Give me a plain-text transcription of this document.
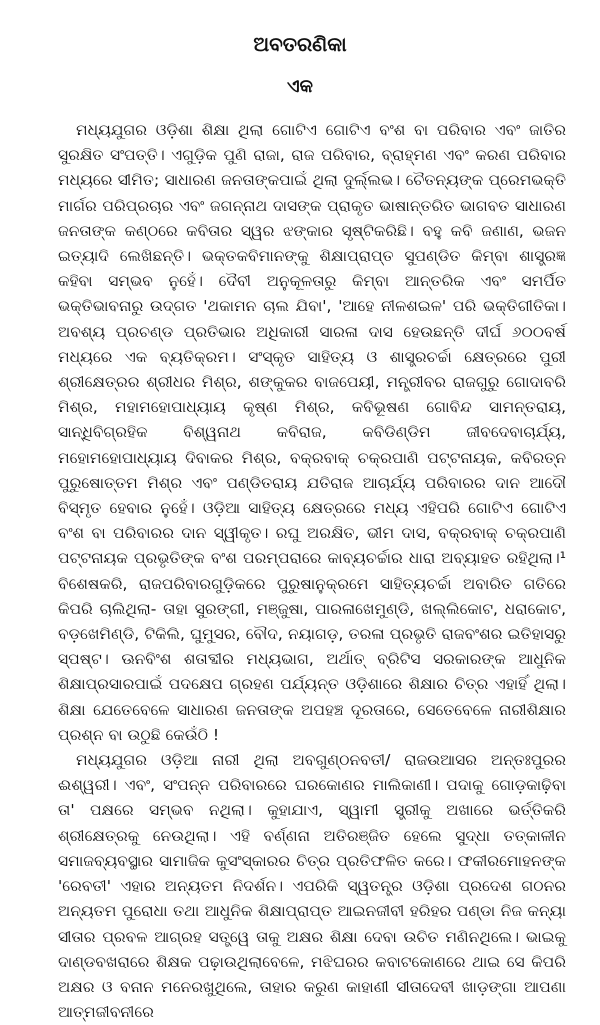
ଅବତରଣିକା
ଏକ

ମଧ୍ୟଯୁଗର ଓଡ଼ିଶା ଶିକ୍ଷା ଥିଲା ଗୋଟିଏ ଗୋଟିଏ ବଂଶ ବା ପରିବାର ଏବଂ ଜାତିର ସୁରକ୍ଷିତ ସଂପତ୍ତି। ଏଗୁଡ଼ିକ ପୁଣି ରାଜା, ରାଜ ପରିବାର, ବ୍ରାହ୍ମଣ ଏବଂ କରଣ ପରିବାର ମଧ୍ୟରେ ସୀମିତ; ସାଧାରଣ ଜନତାଙ୍କପାଇଁ ଥିଲା ଦୁର୍ଲ୍ଲଭ। ଚୈତନ୍ୟଙ୍କ ପ୍ରେମଭକ୍ତି ମାର୍ଗର ପରିପ୍ରଚାର ଏବଂ ଜଗନ୍ନାଥ ଦାସଙ୍କ ପ୍ରାକୃତ ଭାଷାନ୍ତରିତ ଭାଗବତ ସାଧାରଣ ଜନତାଙ୍କ କଣ୍ଠରେ କବିତାର ସ୍ୱର ଝଙ୍କାର ସୃଷ୍ଟିକରିଛି। ବହୁ କବି ଜଣାଣ, ଭଜନ ଇତ୍ୟାଦି ଲେଖିଛନ୍ତି। ଭକ୍ତକବିମାନଙ୍କୁ ଶିକ୍ଷାପ୍ରାପ୍ତ ସୁପଣ୍ଡିତ କିମ୍ବା ଶାସ୍ତ୍ରଜ୍ଞ କହିବା ସମ୍ଭବ ନୁହେଁ। ଦୈବୀ ଅନୁକୂଳତାରୁ କିମ୍ବା ଆନ୍ତରିକ ଏବଂ ସମର୍ପିତ ଭକ୍ତିଭାବନାରୁ ଉଦ୍ଗତ 'ଥକାମନ ଚାଲ ଯିବା', 'ଆହେ ନୀଳଶଇଳ' ପରି ଭକ୍ତିଗୀତିକା। ଅବଶ୍ୟ ପ୍ରଚଣ୍ଡ ପ୍ରତିଭାର ଅଧିକାରୀ ସାରଳା ଦାସ ହେଉଛନ୍ତି ଦୀର୍ଘ ୬୦୦ବର୍ଷ ମଧ୍ୟରେ ଏକ ବ୍ୟତିକ୍ରମ। ସଂସ୍କୃତ ସାହିତ୍ୟ ଓ ଶାସ୍ତ୍ରଚର୍ଚ୍ଚା କ୍ଷେତ୍ରରେ ପୁରୀ ଶ୍ରୀକ୍ଷେତ୍ରର ଶ୍ରୀଧର ମିଶ୍ର, ଶଙ୍କୁକର ବାଜପେୟୀ, ମନ୍ତ୍ରୀବର ରାଜଗୁରୁ ଗୋଦାବରି ମିଶ୍ର, ମହାମହୋପାଧ୍ୟାୟ କୃଷ୍ଣ ମିଶ୍ର, କବିଭୂଷଣ ଗୋବିନ୍ଦ ସାମନ୍ତରାୟ, ସାନ୍ଧିବିଗ୍ରହିକ ବିଶ୍ୱନାଥ କବିରାଜ, କବିଡିଣ୍ଡିମ ଜୀବଦେବାଚାର୍ଯ୍ୟ, ମହୋମହୋପାଧ୍ୟାୟ ଦିବାକର ମିଶ୍ର, ବକ୍ରବାକ୍ ଚକ୍ରପାଣି ପଟ୍ଟନାୟକ, କବିରତ୍ନ ପୁରୁଷୋତ୍ତମ ମିଶ୍ର ଏବଂ ପଣ୍ଡିତରାୟ ଯତିରାଜ ଆଚାର୍ଯ୍ୟ ପରିବାରର ଦାନ ଆଦୌ ବିସ୍ମୃତ ହେବାର ନୁହେଁ। ଓଡ଼ିଆ ସାହିତ୍ୟ କ୍ଷେତ୍ରରେ ମଧ୍ୟ ଏହିପରି ଗୋଟିଏ ଗୋଟିଏ ବଂଶ ବା ପରିବାରର ଦାନ ସ୍ୱୀକୃତ। ରଘୁ ଅରକ୍ଷିତ, ଭୀମ ଦାସ, ବକ୍ରବାକ୍ ଚକ୍ରପାଣି ପଟ୍ଟନାୟକ ପ୍ରଭୃତିଙ୍କ ବଂଶ ପରମ୍ପରାରେ କାବ୍ୟଚର୍ଚ୍ଚାର ଧାରା ଅବ୍ୟାହତ ରହିଥିଲା।¹ ବିଶେଷକରି, ରାଜପରିବାରଗୁଡ଼ିକରେ ପୁରୁଷାନୁକ୍ରମେ ସାହିତ୍ୟଚର୍ଚ୍ଚା ଅବାରିତ ଗତିରେ କିପରି ଚାଲିଥିଲା- ତାହା ସୁରଙ୍ଗୀ, ମଞ୍ଜୁଷା, ପାରଳାଖେମୁଣ୍ଡି, ଖଲ୍ଲିକୋଟ, ଧରାକୋଟ, ବଡ଼ଖେମିଣ୍ଡି, ଟିକିଲି, ଘୁମୁସର, ବୌଦ, ନୟାଗଡ଼, ତରଳା ପ୍ରଭୃତି ରାଜବଂଶର ଇତିହାସରୁ ସ୍ପଷ୍ଟ। ଊନବିଂଶ ଶତାବ୍ଦୀର ମଧ୍ୟଭାଗ, ଅର୍ଥାତ୍ ବ୍ରିଟିସ ସରକାରଙ୍କ ଆଧୁନିକ ଶିକ୍ଷାପ୍ରସାରପାଇଁ ପଦକ୍ଷେପ ଗ୍ରହଣ ପର୍ଯ୍ୟନ୍ତ ଓଡ଼ିଶାରେ ଶିକ୍ଷାର ଚିତ୍ର ଏହାହିଁ ଥିଲା। ଶିକ୍ଷା ଯେତେବେଳେ ସାଧାରଣ ଜନତାଙ୍କ ଅପହଞ୍ଚ ଦୂରତାରେ, ସେତେବେଳେ ନାରୀଶିକ୍ଷାର ପ୍ରଶ୍ନ ବା ଉଠୁଛି କେଉଁଠି !

ମଧ୍ୟଯୁଗର ଓଡ଼ିଆ ନାରୀ ଥିଲା ଅବଗୁଣ୍ଠନବତୀ/ ରାଜଉଆସର ଅନ୍ତଃପୁରର ଈଶ୍ୱରୀ। ଏବଂ, ସଂପନ୍ନ ପରିବାରରେ ଘରକୋଣର ମାଲିକାଣୀ। ପଦାକୁ ଗୋଡ଼କାଢ଼ିବା ତା' ପକ୍ଷରେ ସମ୍ଭବ ନଥିଲା। କୁହାଯାଏ, ସ୍ୱାମୀ ସ୍ତ୍ରୀକୁ ଅଖାରେ ଭର୍ତ୍ତିକରି ଶ୍ରୀକ୍ଷେତ୍ରକୁ ନେଉଥିଲା। ଏହି ବର୍ଣ୍ଣନା ଅତିରଞ୍ଜିତ ହେଲେ ସୁଦ୍ଧା ତତ୍କାଳୀନ ସମାଜବ୍ୟବସ୍ଥାର ସାମାଜିକ କୁସଂସ୍କାରର ଚିତ୍ର ପ୍ରତିଫଳିତ କରେ। ଫକୀରମୋହନଙ୍କ 'ରେବତୀ' ଏହାର ଅନ୍ୟତମ ନିଦର୍ଶନ। ଏପରିକି ସ୍ୱତନ୍ତ୍ର ଓଡ଼ିଶା ପ୍ରଦେଶ ଗଠନର ଅନ୍ୟତମ ପୁରୋଧା ତଥା ଆଧୁନିକ ଶିକ୍ଷାପ୍ରାପ୍ତ ଆଇନଜୀବୀ ହରିହର ପଣ୍ଡା ନିଜ କନ୍ୟା ସୀତାର ପ୍ରବଳ ଆଗ୍ରହ ସତ୍ତ୍ୱେ ତାକୁ ଅକ୍ଷର ଶିକ୍ଷା ଦେବା ଉଚିତ ମଣିନଥିଲେ। ଭାଇକୁ ଦାଣ୍ଡବଖରାରେ ଶିକ୍ଷକ ପଢ଼ାଉଥିଲାବେଳେ, ମଝିଘରର କବାଟକୋଣରେ ଥାଇ ସେ କିପରି ଅକ୍ଷର ଓ ବନାନ ମନେରଖୁଥିଲେ, ତାହାର କରୁଣ କାହାଣୀ ସୀତାଦେବୀ ଖାଡ଼ଙ୍ଗା ଆପଣା ଆତ୍ମଜୀବନୀରେ
